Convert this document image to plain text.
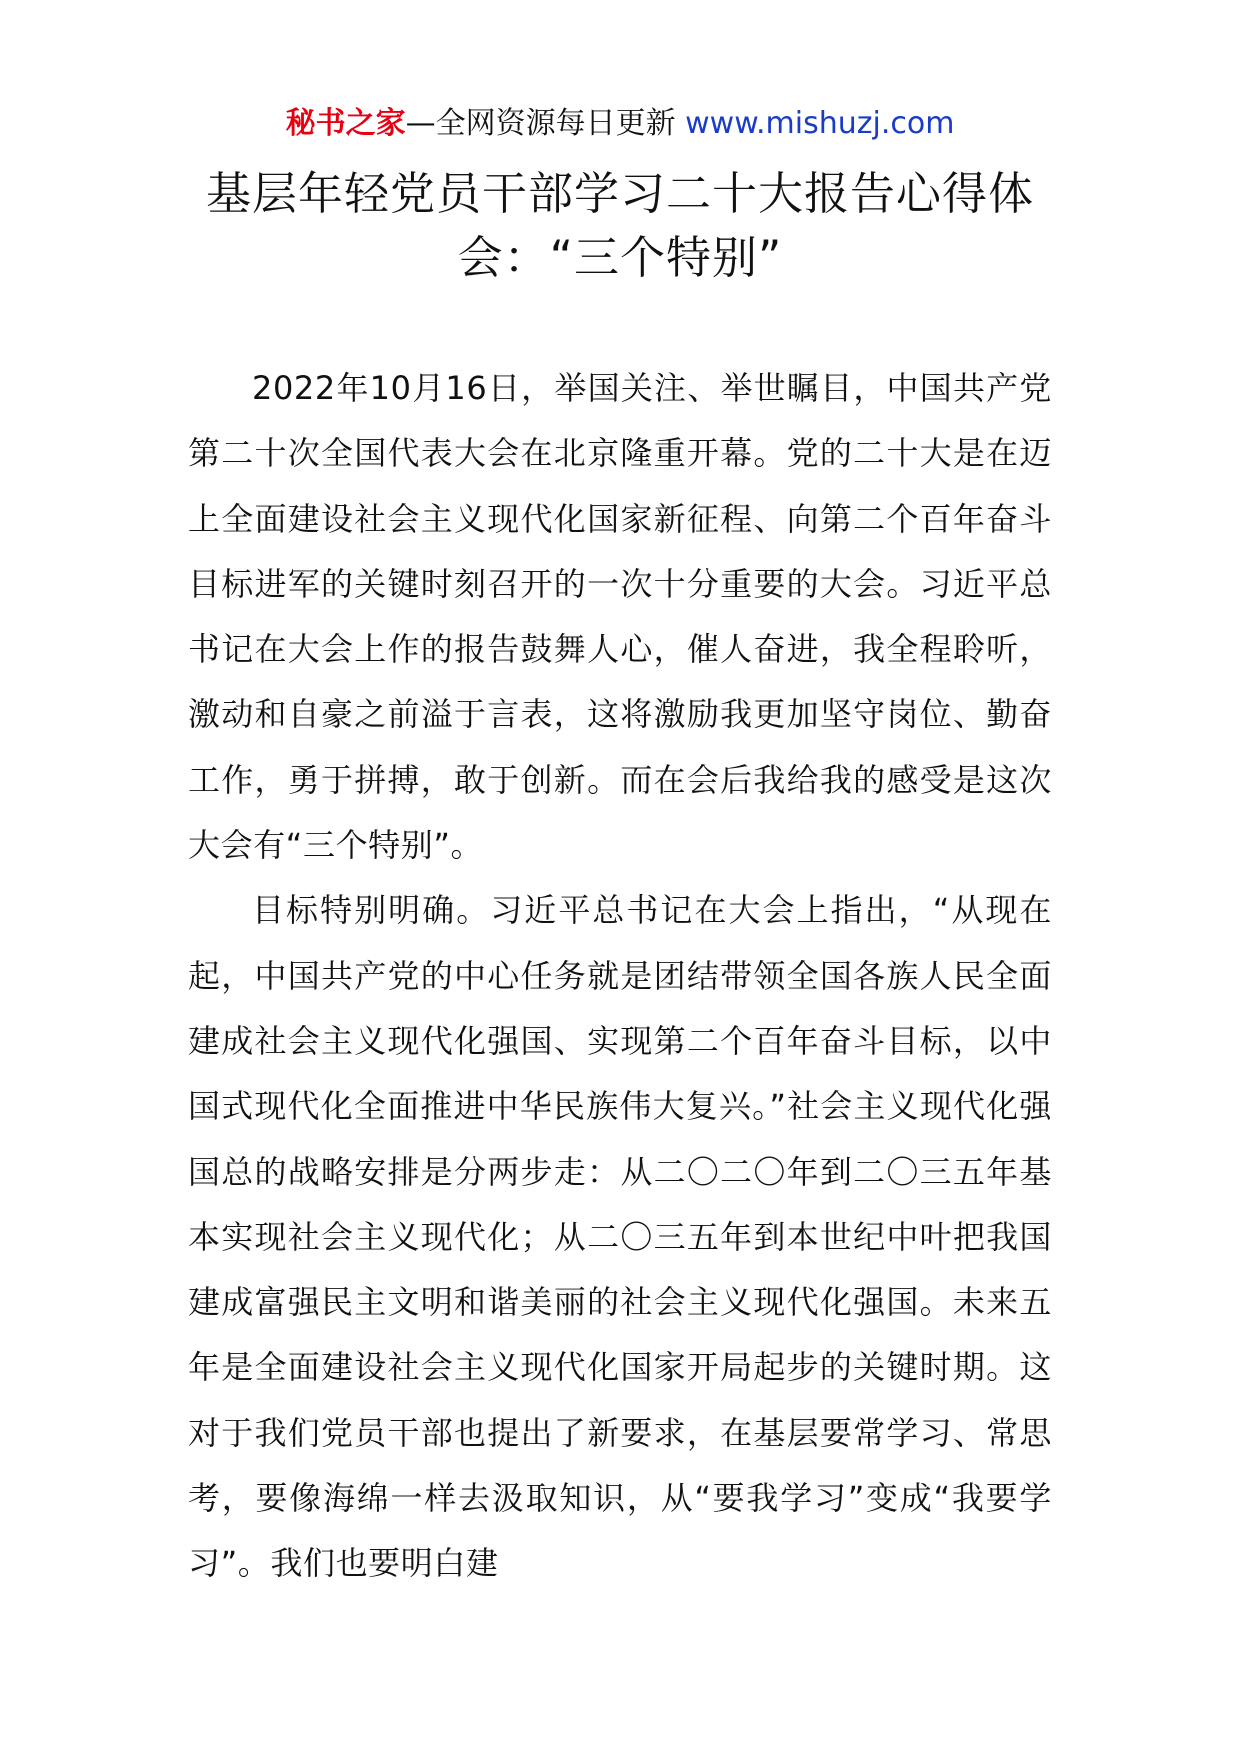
秘书之家—全网资源每日更新 www.mishuzj.com
基层年轻党员干部学习二十大报告心得体
会：“三个特别”

2022年10月16日，举国关注、举世瞩目，中国共产党第二十次全国代表大会在北京隆重开幕。党的二十大是在迈上全面建设社会主义现代化国家新征程、向第二个百年奋斗目标进军的关键时刻召开的一次十分重要的大会。习近平总书记在大会上作的报告鼓舞人心，催人奋进，我全程聆听，激动和自豪之前溢于言表，这将激励我更加坚守岗位、勤奋工作，勇于拼搏，敢于创新。而在会后我给我的感受是这次大会有“三个特别”。

目标特别明确。习近平总书记在大会上指出，“从现在起，中国共产党的中心任务就是团结带领全国各族人民全面建成社会主义现代化强国、实现第二个百年奋斗目标，以中国式现代化全面推进中华民族伟大复兴。”社会主义现代化强国总的战略安排是分两步走：从二〇二〇年到二〇三五年基本实现社会主义现代化；从二〇三五年到本世纪中叶把我国建成富强民主文明和谐美丽的社会主义现代化强国。未来五年是全面建设社会主义现代化国家开局起步的关键时期。这对于我们党员干部也提出了新要求，在基层要常学习、常思考，要像海绵一样去汲取知识，从“要我学习”变成“我要学习”。我们也要明白建
